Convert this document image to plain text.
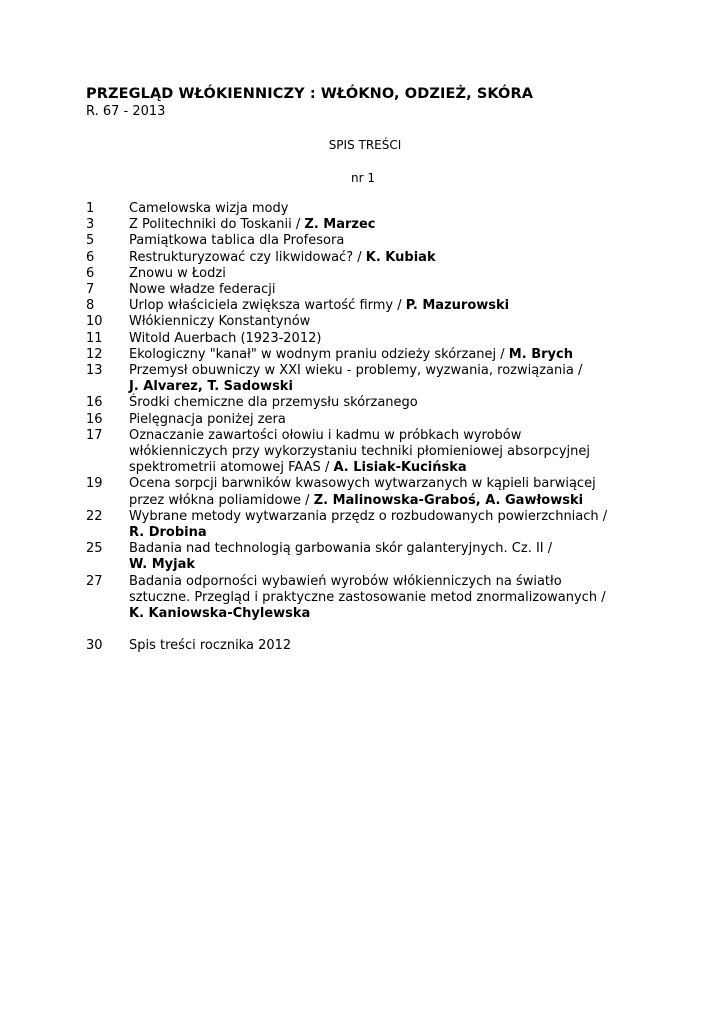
PRZEGLĄD WŁÓKIENNICZY : WŁÓKNO, ODZIEŻ, SKÓRA
R. 67 - 2013
SPIS TREŚCI
nr 1
1	Camelowska wizja mody
3	Z Politechniki do Toskanii / Z. Marzec
5	Pamiątkowa tablica dla Profesora
6	Restrukturyzować czy likwidować? / K. Kubiak
6	Znowu w Łodzi
7	Nowe władze federacji
8	Urlop właściciela zwiększa wartość firmy / P. Mazurowski
10	Włókienniczy Konstantynów
11	Witold Auerbach (1923-2012)
12	Ekologiczny "kanał" w wodnym praniu odzieży skórzanej / M. Brych
13	Przemysł obuwniczy w XXI wieku - problemy, wyzwania, rozwiązania /
J. Alvarez, T. Sadowski
16	Środki chemiczne dla przemysłu skórzanego
16	Pielęgnacja poniżej zera
17	Oznaczanie zawartości ołowiu i kadmu w próbkach wyrobów
włókienniczych przy wykorzystaniu techniki płomieniowej absorpcyjnej
spektrometrii atomowej FAAS / A. Lisiak-Kucińska
19	Ocena sorpcji barwników kwasowych wytwarzanych w kąpieli barwiącej
przez włókna poliamidowe / Z. Malinowska-Graboś, A. Gawłowski
22	Wybrane metody wytwarzania przędz o rozbudowanych powierzchniach /
R. Drobina
25	Badania nad technologią garbowania skór galanteryjnych. Cz. II /
W. Myjak
27	Badania odporności wybawień wyrobów włókienniczych na światło
sztuczne. Przegląd i praktyczne zastosowanie metod znormalizowanych /
K. Kaniowska-Chylewska
30	Spis treści rocznika 2012
